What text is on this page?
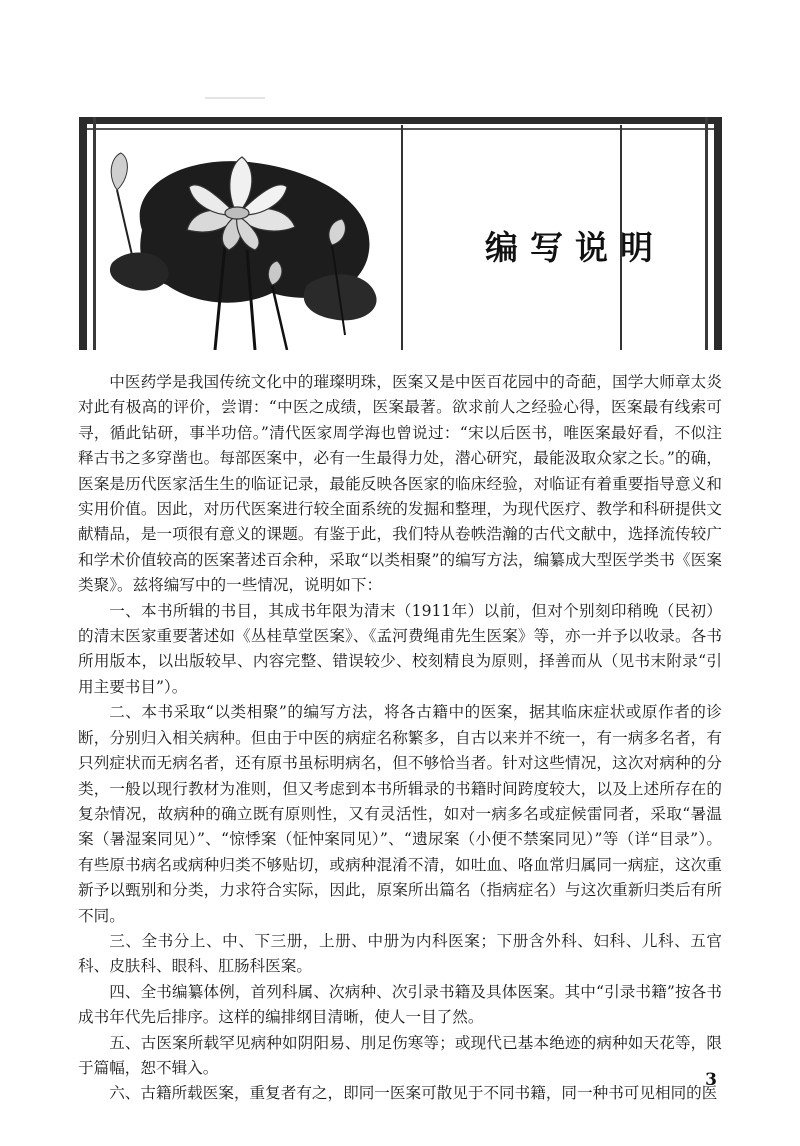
编写说明

中医药学是我国传统文化中的璀璨明珠，医案又是中医百花园中的奇葩，国学大师章太炎对此有极高的评价，尝谓：“中医之成绩，医案最著。欲求前人之经验心得，医案最有线索可寻，循此钻研，事半功倍。”清代医家周学海也曾说过：“宋以后医书，唯医案最好看，不似注释古书之多穿凿也。每部医案中，必有一生最得力处，潜心研究，最能汲取众家之长。”的确，医案是历代医家活生生的临证记录，最能反映各医家的临床经验，对临证有着重要指导意义和实用价值。因此，对历代医案进行较全面系统的发掘和整理，为现代医疗、教学和科研提供文献精品，是一项很有意义的课题。有鉴于此，我们特从卷帙浩瀚的古代文献中，选择流传较广和学术价值较高的医案著述百余种，采取“以类相聚”的编写方法，编纂成大型医学类书《医案类聚》。兹将编写中的一些情况，说明如下：

一、本书所辑的书目，其成书年限为清末（1911年）以前，但对个别刻印稍晚（民初）的清末医家重要著述如《丛桂草堂医案》、《孟河费绳甫先生医案》等，亦一并予以收录。各书所用版本，以出版较早、内容完整、错误较少、校刻精良为原则，择善而从（见书末附录“引用主要书目”）。

二、本书采取“以类相聚”的编写方法，将各古籍中的医案，据其临床症状或原作者的诊断，分别归入相关病种。但由于中医的病症名称繁多，自古以来并不统一，有一病多名者，有只列症状而无病名者，还有原书虽标明病名，但不够恰当者。针对这些情况，这次对病种的分类，一般以现行教材为准则，但又考虑到本书所辑录的书籍时间跨度较大，以及上述所存在的复杂情况，故病种的确立既有原则性，又有灵活性，如对一病多名或症候雷同者，采取“暑温案（暑湿案同见）”、“惊悸案（怔忡案同见）”、“遗尿案（小便不禁案同见）”等（详“目录”）。有些原书病名或病种归类不够贴切，或病种混淆不清，如吐血、咯血常归属同一病症，这次重新予以甄别和分类，力求符合实际，因此，原案所出篇名（指病症名）与这次重新归类后有所不同。

三、全书分上、中、下三册，上册、中册为内科医案；下册含外科、妇科、儿科、五官科、皮肤科、眼科、肛肠科医案。

四、全书编纂体例，首列科属、次病种、次引录书籍及具体医案。其中“引录书籍”按各书成书年代先后排序。这样的编排纲目清晰，使人一目了然。

五、古医案所载罕见病种如阴阳易、刖足伤寒等；或现代已基本绝迹的病种如天花等，限于篇幅，恕不辑入。

六、古籍所载医案，重复者有之，即同一医案可散见于不同书籍，同一种书可见相同的医

3
